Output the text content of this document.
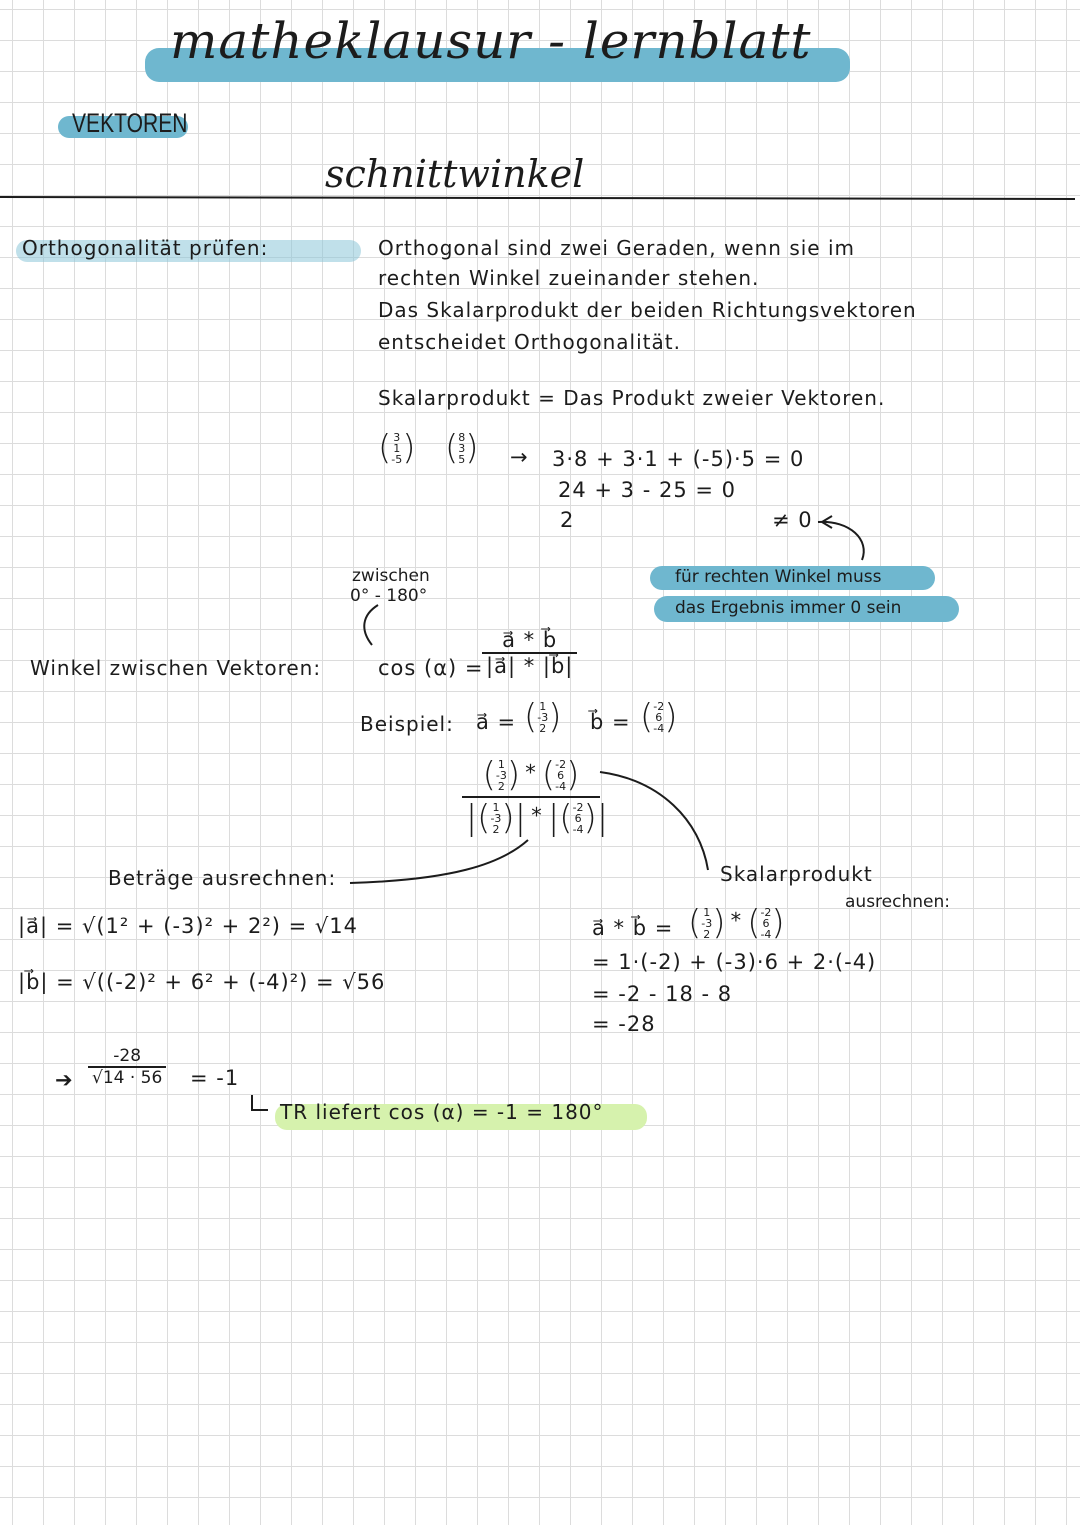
matheklausur - lernblatt
VEKTOREN
schnittwinkel
Orthogonalität prüfen:	Orthogonal sind zwei Geraden, wenn sie im
rechten Winkel zueinander stehen.
Das Skalarprodukt der beiden Richtungsvektoren
entscheidet Orthogonalität.
Skalarprodukt = Das Produkt zweier Vektoren.
( 3
1
-5 ) ( 8
3
5 ) → 3·8 + 3·1 + (-5)·5 = 0
24 + 3 - 25 = 0
2	≠ 0
für rechten Winkel muss
das Ergebnis immer 0 sein
zwischen
0° - 180°
Winkel zwischen Vektoren:	cos (α) =
$\frac{a⃗ * b⃗}{|a⃗| * |b⃗|}$
Beispiel: a⃗ = ( 1
-3
2 ) b⃗ = ( -2
6
-4 )
( 1
-3
2 ) * ( -2
6
-4 )
|( 1
-3
2 )| * |( -2
6
-4 )|
Skalarprodukt
ausrechnen:
a⃗ * b⃗ = ( 1
-3
2 ) * ( -2
6
-4 )
= 1·(-2) + (-3)·6 + 2·(-4)
= -2 - 18 - 8
= -28
Beträge ausrechnen:
|a⃗| = √(1² + (-3)² + 2²) = √14
|b⃗| = √((-2)² + 6² + (-4)²) = √56
➔ $\frac{-28}{√14 \cdot 56} = -1$
TR liefert cos (α) = -1 = 180°
